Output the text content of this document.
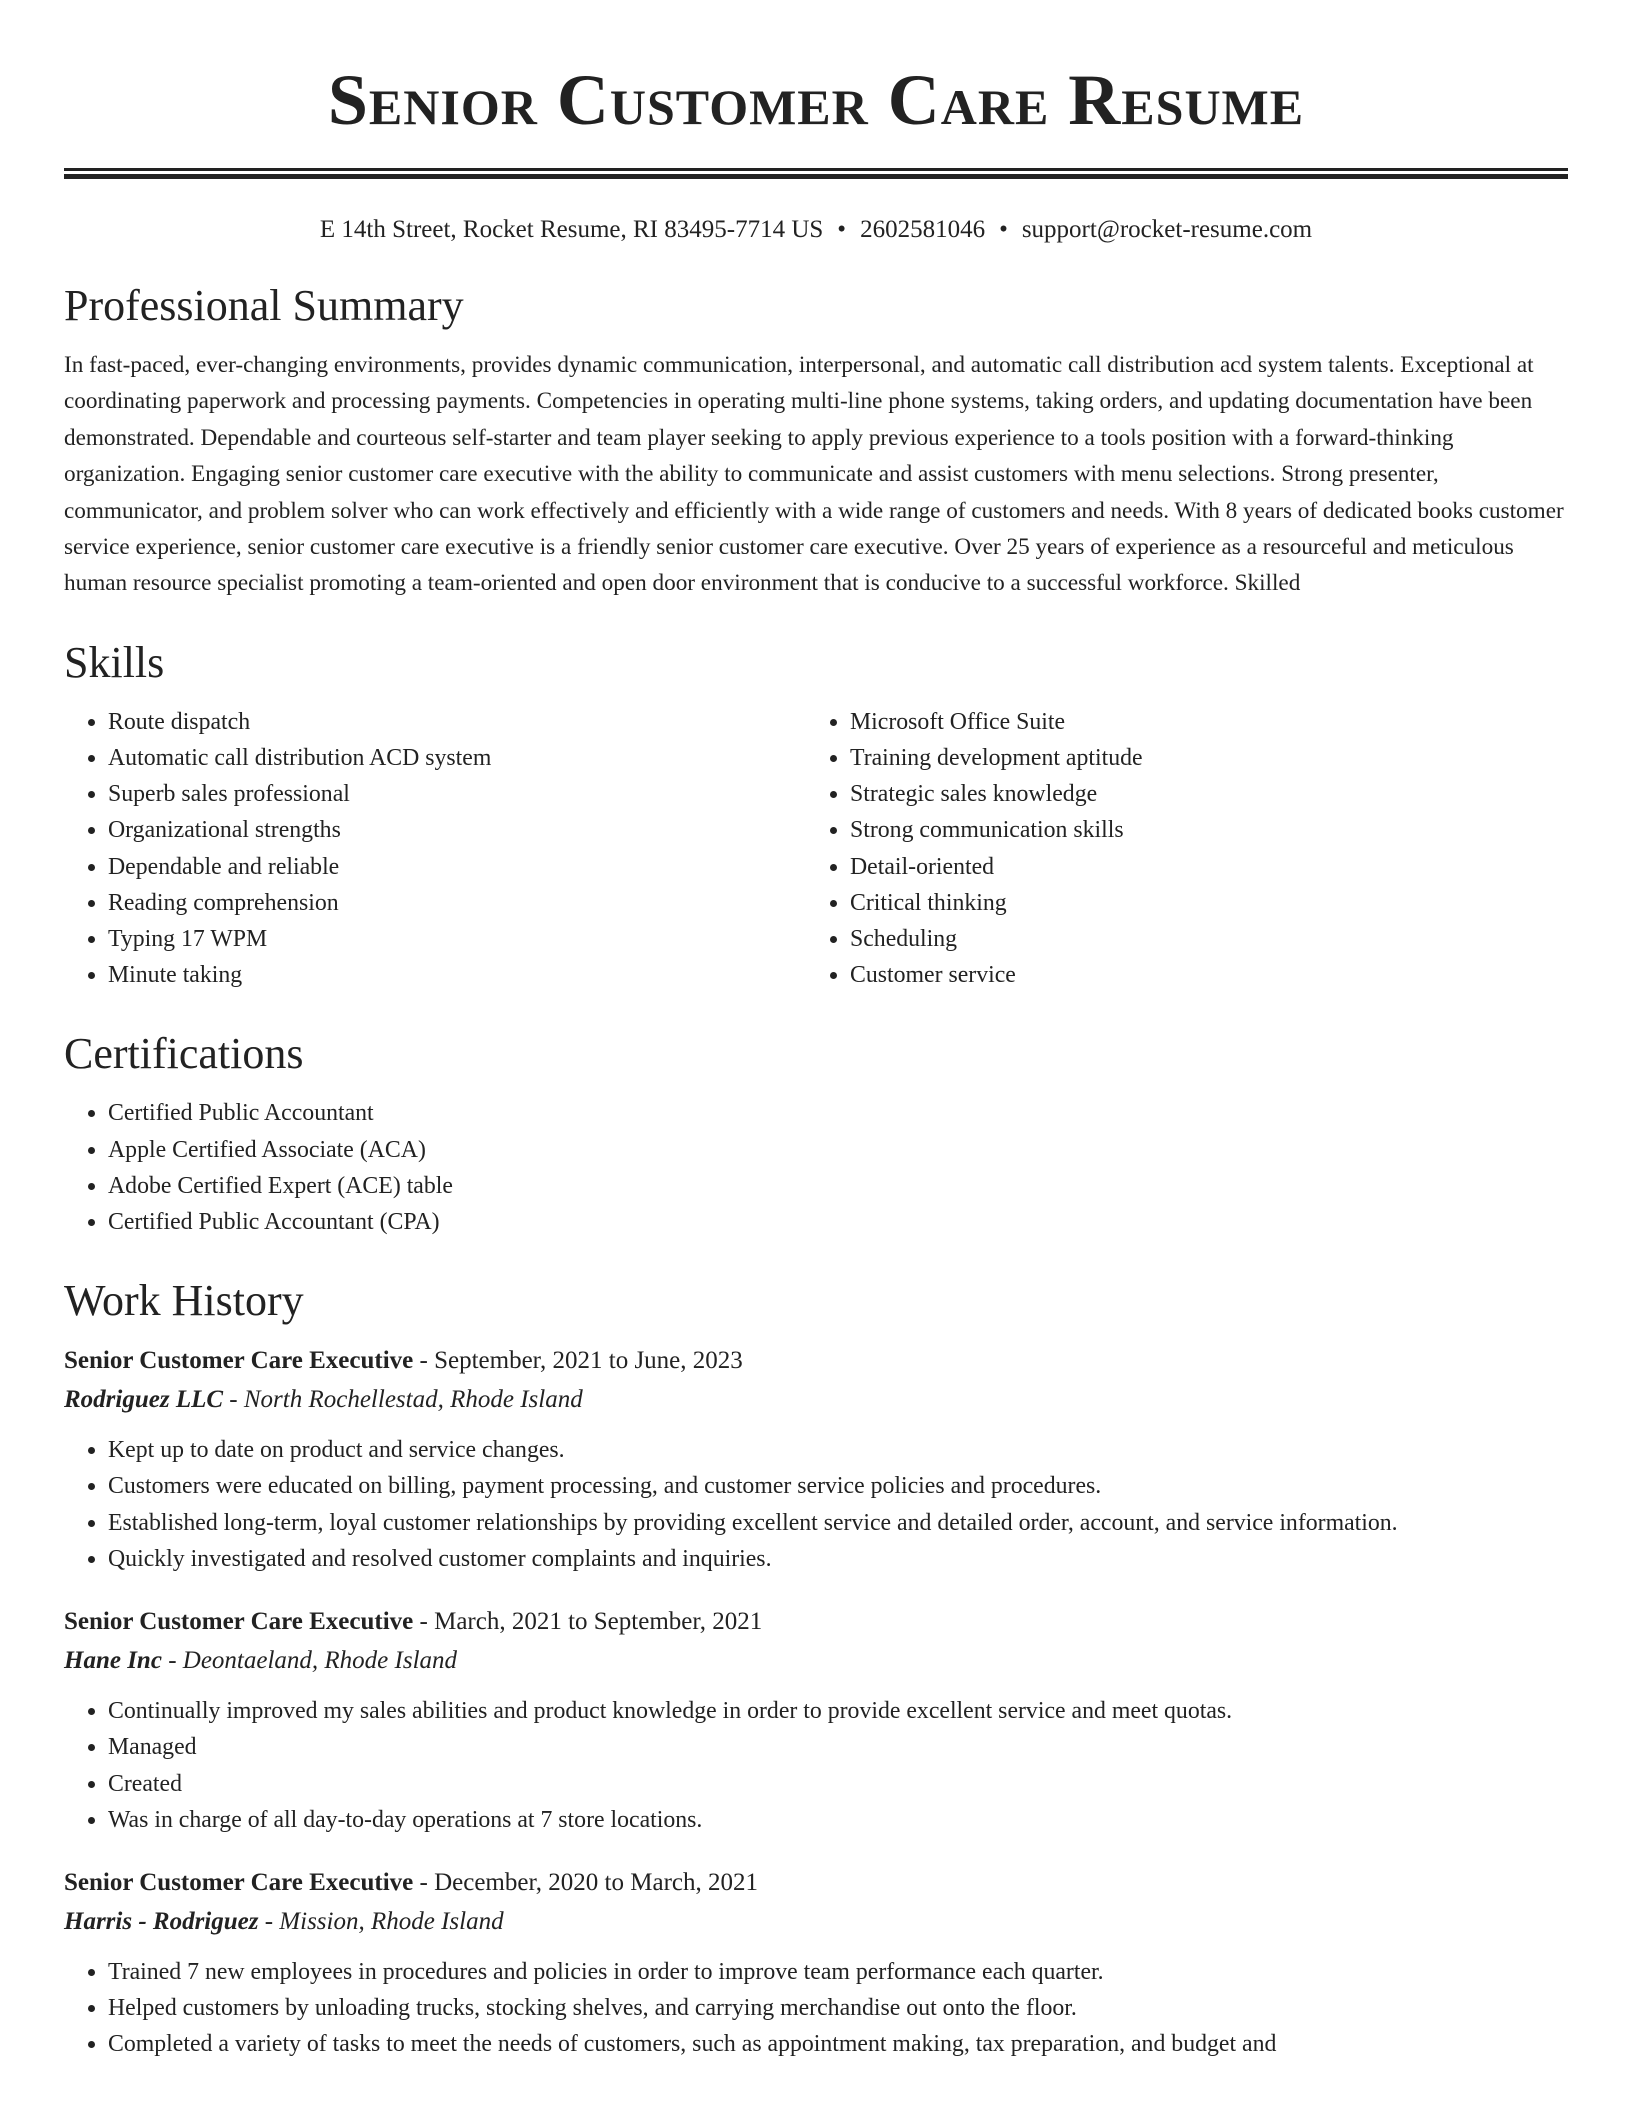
Senior Customer Care Resume
E 14th Street, Rocket Resume, RI 83495-7714 US • 2602581046 • support@rocket-resume.com
Professional Summary

In fast-paced, ever-changing environments, provides dynamic communication, interpersonal, and automatic call distribution acd system talents. Exceptional at coordinating paperwork and processing payments. Competencies in operating multi-line phone systems, taking orders, and updating documentation have been demonstrated. Dependable and courteous self-starter and team player seeking to apply previous experience to a tools position with a forward-thinking organization. Engaging senior customer care executive with the ability to communicate and assist customers with menu selections. Strong presenter, communicator, and problem solver who can work effectively and efficiently with a wide range of customers and needs. With 8 years of dedicated books customer service experience, senior customer care executive is a friendly senior customer care executive. Over 25 years of experience as a resourceful and meticulous human resource specialist promoting a team-oriented and open door environment that is conducive to a successful workforce. Skilled

Skills
• Route dispatch
• Automatic call distribution ACD system
• Superb sales professional
• Organizational strengths
• Dependable and reliable
• Reading comprehension
• Typing 17 WPM
• Minute taking
• Microsoft Office Suite
• Training development aptitude
• Strategic sales knowledge
• Strong communication skills
• Detail-oriented
• Critical thinking
• Scheduling
• Customer service
Certifications
• Certified Public Accountant
• Apple Certified Associate (ACA)
• Adobe Certified Expert (ACE) table
• Certified Public Accountant (CPA)
Work History
Senior Customer Care Executive - September, 2021 to June, 2023
Rodriguez LLC - North Rochellestad, Rhode Island
• Kept up to date on product and service changes.
• Customers were educated on billing, payment processing, and customer service policies and procedures.
• Established long-term, loyal customer relationships by providing excellent service and detailed order, account, and service information.
• Quickly investigated and resolved customer complaints and inquiries.
Senior Customer Care Executive - March, 2021 to September, 2021
Hane Inc - Deontaeland, Rhode Island
• Continually improved my sales abilities and product knowledge in order to provide excellent service and meet quotas.
• Managed
• Created
• Was in charge of all day-to-day operations at 7 store locations.
Senior Customer Care Executive - December, 2020 to March, 2021
Harris - Rodriguez - Mission, Rhode Island
• Trained 7 new employees in procedures and policies in order to improve team performance each quarter.
• Helped customers by unloading trucks, stocking shelves, and carrying merchandise out onto the floor.
• Completed a variety of tasks to meet the needs of customers, such as appointment making, tax preparation, and budget and
